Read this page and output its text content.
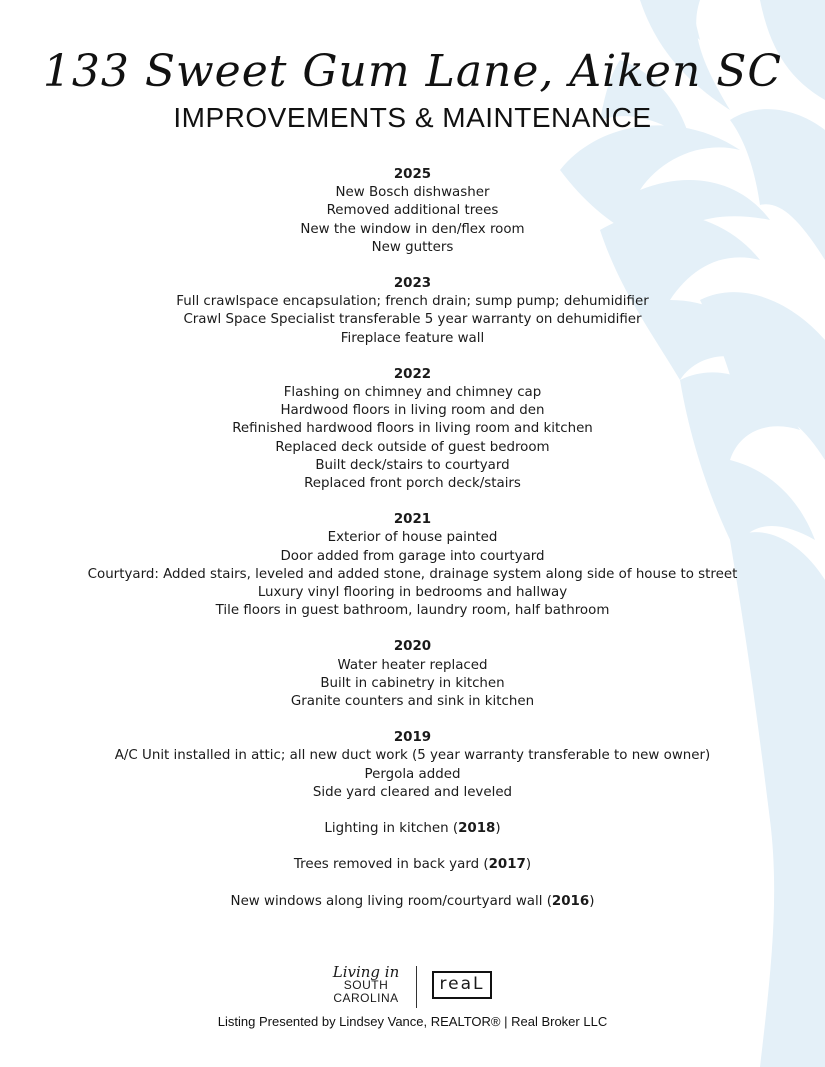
133 Sweet Gum Lane, Aiken SC
IMPROVEMENTS & MAINTENANCE
2025
New Bosch dishwasher
Removed additional trees
New the window in den/flex room
New gutters
2023
Full crawlspace encapsulation; french drain; sump pump; dehumidifier
Crawl Space Specialist transferable 5 year warranty on dehumidifier
Fireplace feature wall
2022
Flashing on chimney and chimney cap
Hardwood floors in living room and den
Refinished hardwood floors in living room and kitchen
Replaced deck outside of guest bedroom
Built deck/stairs to courtyard
Replaced front porch deck/stairs
2021
Exterior of house painted
Door added from garage into courtyard
Courtyard: Added stairs, leveled and added stone, drainage system along side of house to street
Luxury vinyl flooring in bedrooms and hallway
Tile floors in guest bathroom, laundry room, half bathroom
2020
Water heater replaced
Built in cabinetry in kitchen
Granite counters and sink in kitchen
2019
A/C Unit installed in attic; all new duct work (5 year warranty transferable to new owner)
Pergola added
Side yard cleared and leveled
Lighting in kitchen (2018)
Trees removed in back yard (2017)
New windows along living room/courtyard wall (2016)
Living in
SOUTH
CAROLINA
reaL
Listing Presented by Lindsey Vance, REALTOR® | Real Broker LLC
